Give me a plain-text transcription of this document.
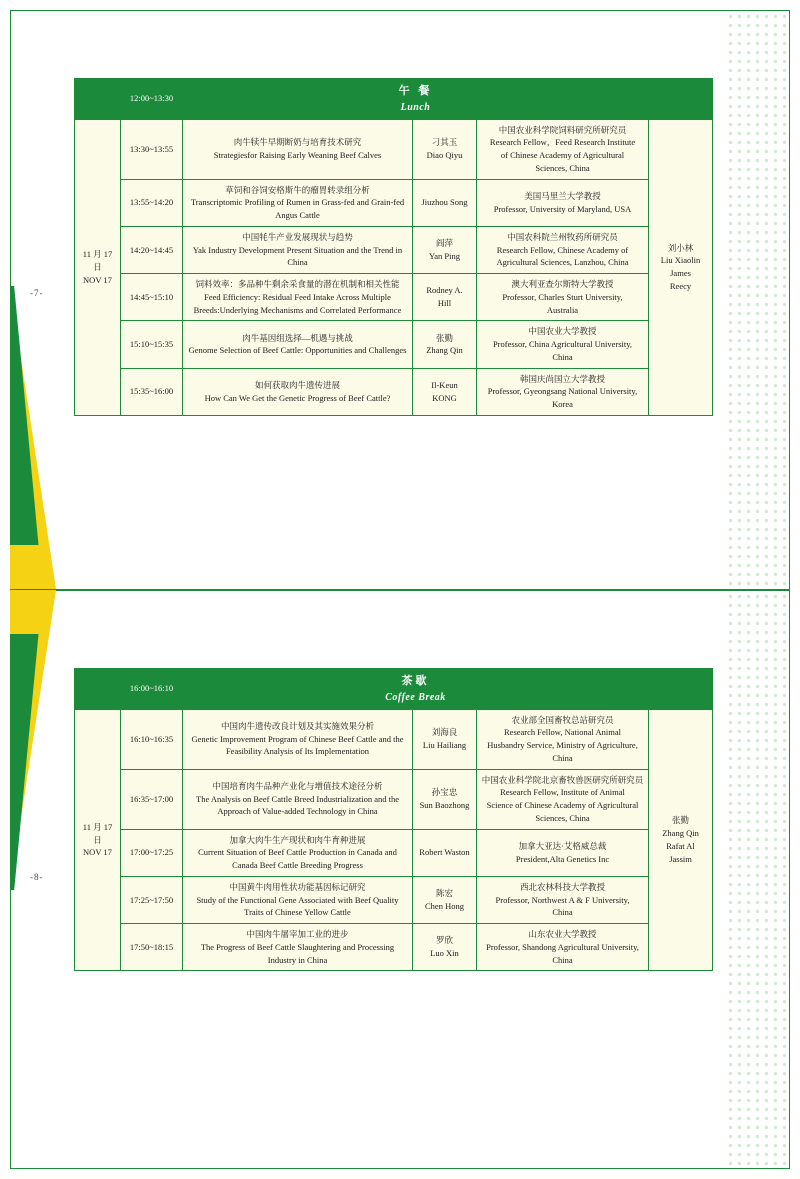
-7-
-8-
	12:00~13:30	午 餐
Lunch			

11 月 17 日
NOV 17	13:30~13:55	肉牛犊牛早期断奶与培育技术研究
Strategiesfor Raising Early Weaning Beef Calves	刁其玉
Diao Qiyu	中国农业科学院饲料研究所研究员
Research Fellow，Feed Research Institute
of Chinese Academy of Agricultural
Sciences, China	刘小林
Liu Xiaolin
James
Reecy

	13:55~14:20	草饲和谷饲安格斯牛的瘤胃转录组分析
Transcriptomic Profiling of Rumen in Grass-fed and Grain-fed Angus Cattle	Jiuzhou Song	美国马里兰大学教授
Professor, University of Maryland, USA	

	14:20~14:45	中国牦牛产业发展现状与趋势
Yak Industry Development Present Situation and the Trend in China	阎萍
Yan Ping	中国农科院兰州牧药所研究员
Research Fellow, Chinese Academy of
Agricultural Sciences, Lanzhou, China	

	14:45~15:10	饲料效率：多品种牛剩余采食量的潜在机制和相关性能
Feed Efficiency: Residual Feed Intake Across Multiple Breeds:Underlying Mechanisms and Correlated Performance	Rodney A.
Hill	澳大利亚查尔斯特大学教授
Professor, Charles Sturt University,
Australia	

	15:10~15:35	肉牛基因组选择—机遇与挑战
Genome Selection of Beef Cattle: Opportunities and Challenges	张勤
Zhang Qin	中国农业大学教授
Professor, China Agricultural University,
China	

	15:35~16:00	如何获取肉牛遗传进展
How Can We Get the Genetic Progress of Beef Cattle?	Il-Keun
KONG	韩国庆尚国立大学教授
Professor, Gyeongsang National University,
Korea	
	16:00~16:10	茶歇
Coffee Break			

11 月 17 日
NOV 17	16:10~16:35	中国肉牛遗传改良计划及其实施效果分析
Genetic Improvement Program of Chinese Beef Cattle and the Feasibility Analysis of Its Implementation	刘海良
Liu Hailiang	农业部全国畜牧总站研究员
Research Fellow, National Animal
Husbandry Service, Ministry of Agriculture,
China	张勤
Zhang Qin
Rafat Al
Jassim

	16:35~17:00	中国培育肉牛品种产业化与增值技术途径分析
The Analysis on Beef Cattle Breed Industrialization and the Approach of Value-added Technology in China	孙宝忠
Sun Baozhong	中国农业科学院北京畜牧兽医研究所研究员
Research Fellow, Institute of Animal
Science of Chinese Academy of Agricultural
Sciences, China	

	17:00~17:25	加拿大肉牛生产现状和肉牛育种进展
Current Situation of Beef Cattle Production in Canada and Canada Beef Cattle Breeding Progress	Robert Waston	加拿大亚达·艾格威总裁
President,Alta Genetics Inc	

	17:25~17:50	中国黄牛肉用性状功能基因标记研究
Study of the Functional Gene Associated with Beef Quality Traits of Chinese Yellow Cattle	陈宏
Chen Hong	西北农林科技大学教授
Professor, Northwest A & F University,
China	

	17:50~18:15	中国肉牛屠宰加工业的进步
The Progress of Beef Cattle Slaughtering and Processing Industry in China	罗欣
Luo Xin	山东农业大学教授
Professor, Shandong Agricultural University,
China	
